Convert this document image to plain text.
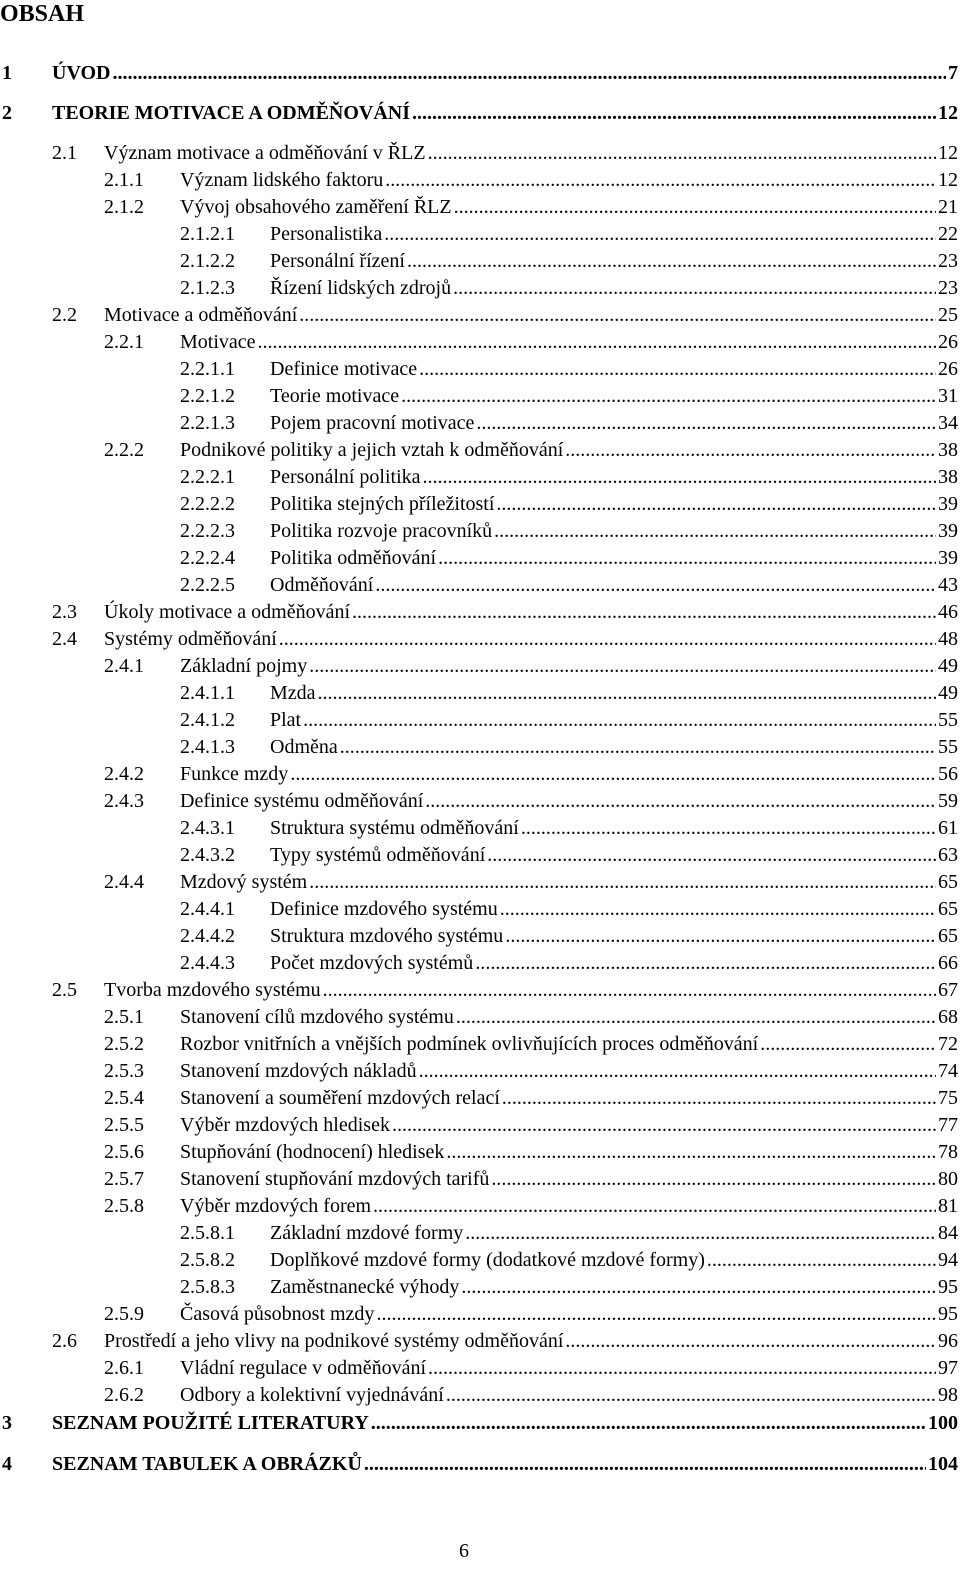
OBSAH
1 ÚVOD .....	7
2 TEORIE MOTIVACE A ODMĚŇOVÁNÍ .....	12
2.1 Význam motivace a odměňování v ŘLZ .....	12
2.1.1 Význam lidského faktoru .....	12
2.1.2 Vývoj obsahového zaměření ŘLZ .....	21
2.1.2.1 Personalistika .....	22
2.1.2.2 Personální řízení .....	23
2.1.2.3 Řízení lidských zdrojů .....	23
2.2 Motivace a odměňování .....	25
2.2.1 Motivace .....	26
2.2.1.1 Definice motivace .....	26
2.2.1.2 Teorie motivace .....	31
2.2.1.3 Pojem pracovní motivace .....	34
2.2.2 Podnikové politiky a jejich vztah k odměňování .....	38
2.2.2.1 Personální politika .....	38
2.2.2.2 Politika stejných příležitostí .....	39
2.2.2.3 Politika rozvoje pracovníků .....	39
2.2.2.4 Politika odměňování .....	39
2.2.2.5 Odměňování .....	43
2.3 Úkoly motivace a odměňování .....	46
2.4 Systémy odměňování .....	48
2.4.1 Základní pojmy .....	49
2.4.1.1 Mzda .....	49
2.4.1.2 Plat .....	55
2.4.1.3 Odměna .....	55
2.4.2 Funkce mzdy .....	56
2.4.3 Definice systému odměňování .....	59
2.4.3.1 Struktura systému odměňování .....	61
2.4.3.2 Typy systémů odměňování .....	63
2.4.4 Mzdový systém .....	65
2.4.4.1 Definice mzdového systému .....	65
2.4.4.2 Struktura mzdového systému .....	65
2.4.4.3 Počet mzdových systémů .....	66
2.5 Tvorba mzdového systému .....	67
2.5.1 Stanovení cílů mzdového systému .....	68
2.5.2 Rozbor vnitřních a vnějších podmínek ovlivňujících proces odměňování .....	72
2.5.3 Stanovení mzdových nákladů .....	74
2.5.4 Stanovení a souměření mzdových relací .....	75
2.5.5 Výběr mzdových hledisek .....	77
2.5.6 Stupňování (hodnocení) hledisek .....	78
2.5.7 Stanovení stupňování mzdových tarifů .....	80
2.5.8 Výběr mzdových forem .....	81
2.5.8.1 Základní mzdové formy .....	84
2.5.8.2 Doplňkové mzdové formy (dodatkové mzdové formy) .....	94
2.5.8.3 Zaměstnanecké výhody .....	95
2.5.9 Časová působnost mzdy .....	95
2.6 Prostředí a jeho vlivy na podnikové systémy odměňování .....	96
2.6.1 Vládní regulace v odměňování .....	97
2.6.2 Odbory a kolektivní vyjednávání .....	98
3 SEZNAM POUŽITÉ LITERATURY .....	100
4 SEZNAM TABULEK A OBRÁZKŮ .....	104
6
